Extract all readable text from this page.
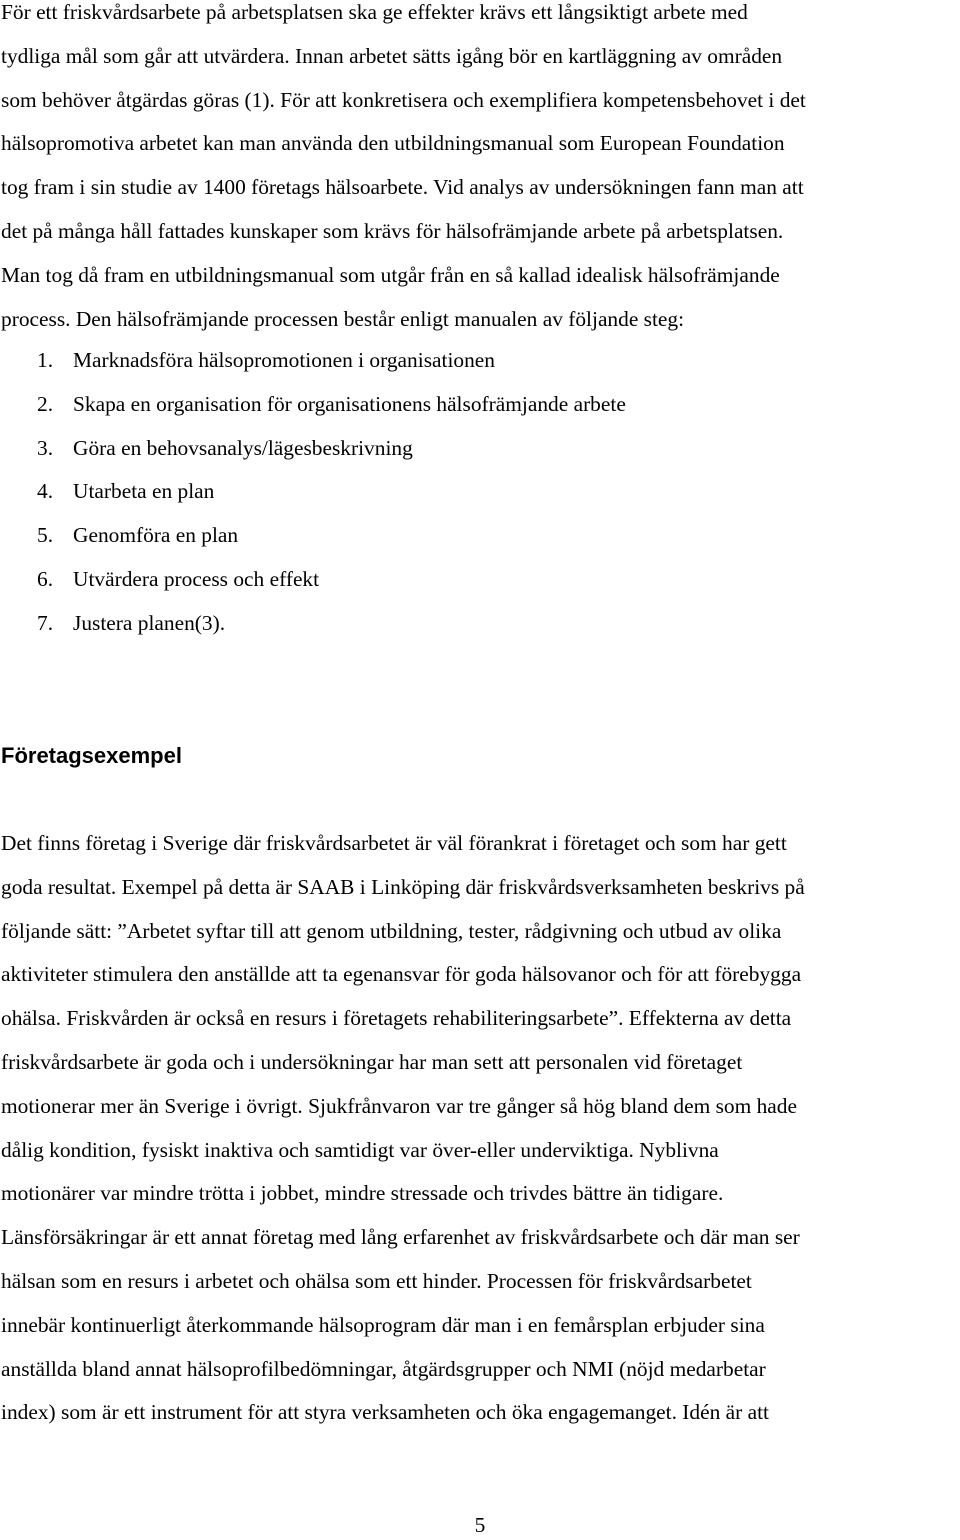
För ett friskvårdsarbete på arbetsplatsen ska ge effekter krävs ett långsiktigt arbete med
tydliga mål som går att utvärdera. Innan arbetet sätts igång bör en kartläggning av områden
som behöver åtgärdas göras (1). För att konkretisera och exemplifiera kompetensbehovet i det
hälsopromotiva arbetet kan man använda den utbildningsmanual som European Foundation
tog fram i sin studie av 1400 företags hälsoarbete. Vid analys av undersökningen fann man att
det på många håll fattades kunskaper som krävs för hälsofrämjande arbete på arbetsplatsen.
Man tog då fram en utbildningsmanual som utgår från en så kallad idealisk hälsofrämjande
process. Den hälsofrämjande processen består enligt manualen av följande steg:

1. Marknadsföra hälsopromotionen i organisationen
2. Skapa en organisation för organisationens hälsofrämjande arbete
3. Göra en behovsanalys/lägesbeskrivning
4. Utarbeta en plan
5. Genomföra en plan
6. Utvärdera process och effekt
7. Justera planen(3).
Företagsexempel

Det finns företag i Sverige där friskvårdsarbetet är väl förankrat i företaget och som har gett
goda resultat. Exempel på detta är SAAB i Linköping där friskvårdsverksamheten beskrivs på
följande sätt: ”Arbetet syftar till att genom utbildning, tester, rådgivning och utbud av olika
aktiviteter stimulera den anställde att ta egenansvar för goda hälsovanor och för att förebygga
ohälsa. Friskvården är också en resurs i företagets rehabiliteringsarbete”. Effekterna av detta
friskvårdsarbete är goda och i undersökningar har man sett att personalen vid företaget
motionerar mer än Sverige i övrigt. Sjukfrånvaron var tre gånger så hög bland dem som hade
dålig kondition, fysiskt inaktiva och samtidigt var över-eller underviktiga. Nyblivna
motionärer var mindre trötta i jobbet, mindre stressade och trivdes bättre än tidigare.
Länsförsäkringar är ett annat företag med lång erfarenhet av friskvårdsarbete och där man ser
hälsan som en resurs i arbetet och ohälsa som ett hinder. Processen för friskvårdsarbetet
innebär kontinuerligt återkommande hälsoprogram där man i en femårsplan erbjuder sina
anställda bland annat hälsoprofilbedömningar, åtgärdsgrupper och NMI (nöjd medarbetar
index) som är ett instrument för att styra verksamheten och öka engagemanget. Idén är att

5
